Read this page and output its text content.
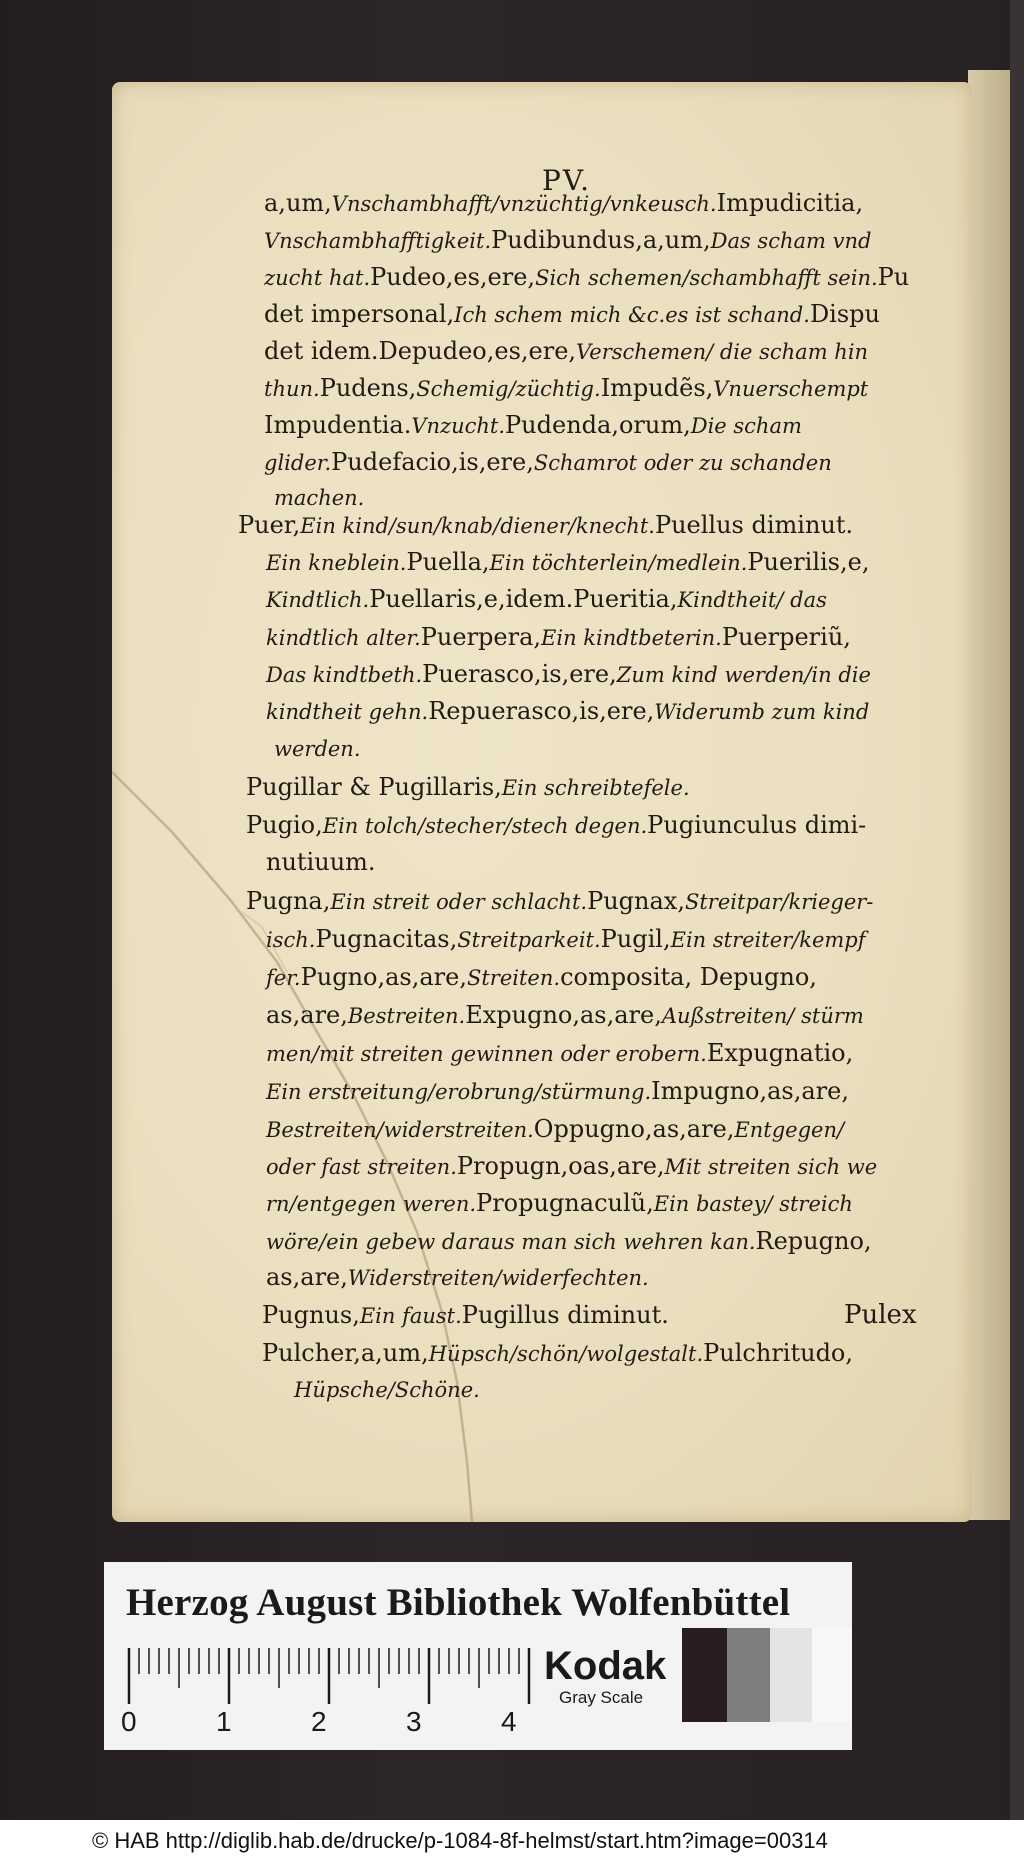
PV.
a,um,Vnschambhafft/vnzüchtig/vnkeusch.Impudicitia,
Vnschambhafftigkeit.Pudibundus,a,um,Das scham vnd
zucht hat.Pudeo,es,ere,Sich schemen/schambhafft sein.Pu
det impersonal,Ich schem mich &c.es ist schand.Dispu
det idem.Depudeo,es,ere,Verschemen/ die scham hin
thun.Pudens,Schemig/züchtig.Impudẽs,Vnuerschempt
Impudentia.Vnzucht.Pudenda,orum,Die scham
glider.Pudefacio,is,ere,Schamrot oder zu schanden
machen.
Puer,Ein kind/sun/knab/diener/knecht.Puellus diminut.
Ein kneblein.Puella,Ein töchterlein/medlein.Puerilis,e,
Kindtlich.Puellaris,e,idem.Pueritia,Kindtheit/ das
kindtlich alter.Puerpera,Ein kindtbeterin.Puerperiũ,
Das kindtbeth.Puerasco,is,ere,Zum kind werden/in die
kindtheit gehn.Repuerasco,is,ere,Widerumb zum kind
werden.
Pugillar & Pugillaris,Ein schreibtefele.
Pugio,Ein tolch/stecher/stech degen.Pugiunculus dimi-
nutiuum.
Pugna,Ein streit oder schlacht.Pugnax,Streitpar/krieger-
isch.Pugnacitas,Streitparkeit.Pugil,Ein streiter/kempf
fer.Pugno,as,are,Streiten.composita, Depugno,
as,are,Bestreiten.Expugno,as,are,Außstreiten/ stürm
men/mit streiten gewinnen oder erobern.Expugnatio,
Ein erstreitung/erobrung/stürmung.Impugno,as,are,
Bestreiten/widerstreiten.Oppugno,as,are,Entgegen/
oder fast streiten.Propugn,oas,are,Mit streiten sich we
rn/entgegen weren.Propugnaculũ,Ein bastey/ streich
wöre/ein gebew daraus man sich wehren kan.Repugno,
as,are,Widerstreiten/widerfechten.
Pugnus,Ein faust.Pugillus diminut.
Pulcher,a,um,Hüpsch/schön/wolgestalt.Pulchritudo,
Hüpsche/Schöne.
Pulex
Herzog August Bibliothek Wolfenbüttel
0	1	2	3	4
Kodak
Gray Scale
© HAB http://diglib.hab.de/drucke/p-1084-8f-helmst/start.htm?image=00314
